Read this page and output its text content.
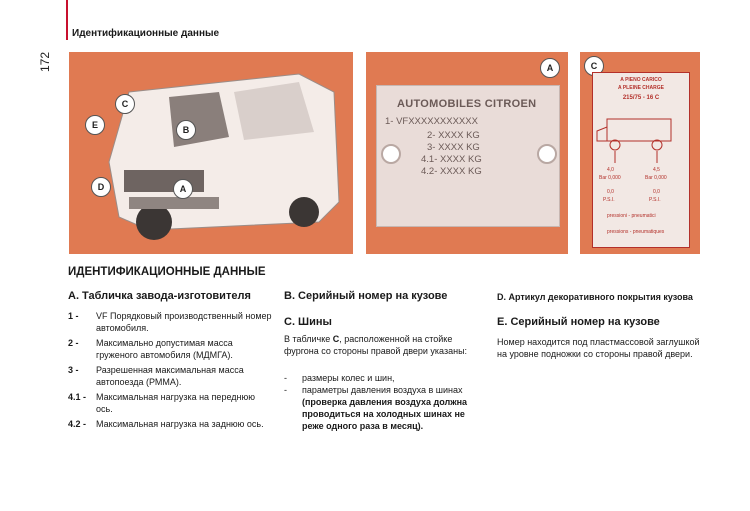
172
Идентификационные данные
C
E	B
D	A
A
AUTOMOBILES CITROEN
1- VFXXXXXXXXXXX
2- XXXX KG
3- XXXX KG
4.1- XXXX KG
4.2- XXXX KG
C
A PIENO CARICO
A PLEINE CHARGE
215/75 - 16 C
4,0	4,5
Bar 0,000	Bar 0,000
0,0	0,0
P.S.I.	P.S.I.
pressioni - pneumatici
pressions - pneumatiques
ИДЕНТИФИКАЦИОННЫЕ ДАННЫЕ
A. Табличка завода-изготовителя
1 -	VF Порядковый производственный номер автомобиля.
2 -	Максимально допустимая масса груженого автомобиля (МДМГА).
3 -	Разрешенная максимальная масса автопоезда (РММА).
4.1 -	Максимальная нагрузка на переднюю ось.
4.2 -	Максимальная нагрузка на заднюю ось.
B. Серийный номер на кузове
C. Шины
В табличке С, расположенной на стойке фургона со стороны правой двери указаны:
-	размеры колес и шин,
-	параметры давления воздуха в шинах (проверка давления воздуха должна проводиться на холодных шинах не реже одного раза в месяц).
D. Артикул декоративного покрытия кузова
E. Серийный номер на кузове
Номер находится под пластмассовой заглушкой на уровне подножки со стороны правой двери.
